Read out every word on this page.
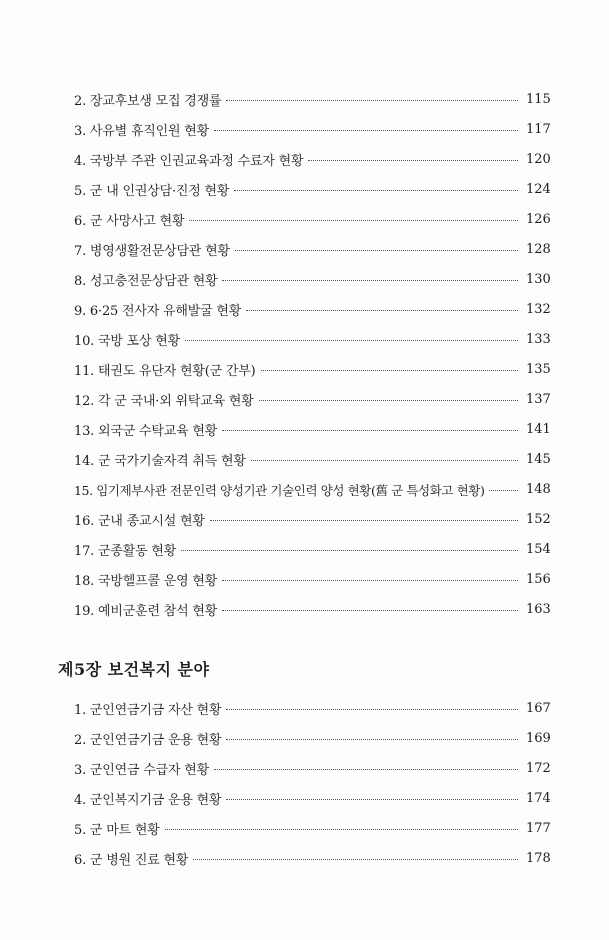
2. 장교후보생 모집 경쟁률	115
3. 사유별 휴직인원 현황	117
4. 국방부 주관 인권교육과정 수료자 현황	120
5. 군 내 인권상담·진정 현황	124
6. 군 사망사고 현황	126
7. 병영생활전문상담관 현황	128
8. 성고충전문상담관 현황	130
9. 6·25 전사자 유해발굴 현황	132
10. 국방 포상 현황	133
11. 태권도 유단자 현황(군 간부)	135
12. 각 군 국내·외 위탁교육 현황	137
13. 외국군 수탁교육 현황	141
14. 군 국가기술자격 취득 현황	145
15. 임기제부사관 전문인력 양성기관 기술인력 양성 현황(舊 군 특성화고 현황)	148
16. 군내 종교시설 현황	152
17. 군종활동 현황	154
18. 국방헬프콜 운영 현황	156
19. 예비군훈련 참석 현황	163
제5장 보건복지 분야
1. 군인연금기금 자산 현황	167
2. 군인연금기금 운용 현황	169
3. 군인연금 수급자 현황	172
4. 군인복지기금 운용 현황	174
5. 군 마트 현황	177
6. 군 병원 진료 현황	178
